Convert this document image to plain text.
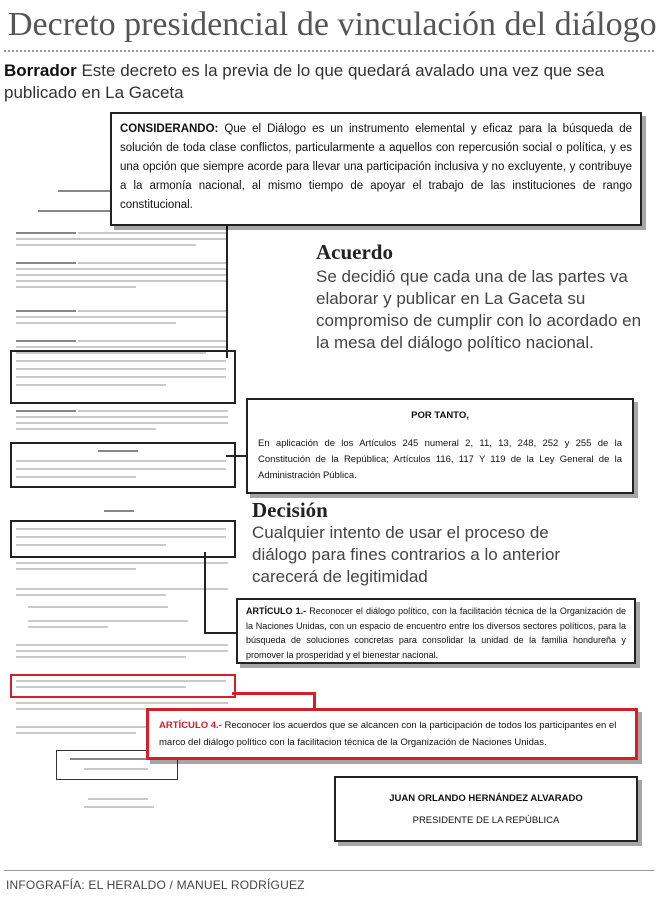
Decreto presidencial de vinculación del diálogo
Borrador Este decreto es la previa de lo que quedará avalado una vez que sea publicado en La Gaceta
CONSIDERANDO: Que el Diálogo es un instrumento elemental y eficaz para la búsqueda de solución de toda clase conflictos, particularmente a aquellos con repercusión social o política, y es una opción que siempre acorde para llevar una participación inclusiva y no excluyente, y contribuye a la armonía nacional, al mismo tiempo de apoyar el trabajo de las instituciones de rango constitucional.
Acuerdo
Se decidió que cada una de las partes va elaborar y publicar en La Gaceta su compromiso de cumplir con lo acordado en la mesa del diálogo político nacional.
POR TANTO,
En aplicación de los Artículos 245 numeral 2, 11, 13, 248, 252 y 255 de la Constitución de la República; Artículos 116, 117 Y 119 de la Ley General de la Administración Pública.
Decisión
Cualquier intento de usar el proceso de diálogo para fines contrarios a lo anterior carecerá de legitimidad
ARTÍCULO 1.- Reconocer el diálogo político, con la facilitación técnica de la Organización de la Naciones Unidas, con un espacio de encuentro entre los diversos sectores políticos, para la búsqueda de soluciones concretas para consolidar la unidad de la familia hondureña y promover la prosperidad y el bienestar nacional.
ARTÍCULO 4.- Reconocer los acuerdos que se alcancen con la participación de todos los participantes en el marco del diálogo político con la facilitacion técnica de la Organización de Naciones Unidas.
JUAN ORLANDO HERNÁNDEZ ALVARADO
PRESIDENTE DE LA REPÚBLICA
INFOGRAFÍA: EL HERALDO / MANUEL RODRÍGUEZ
